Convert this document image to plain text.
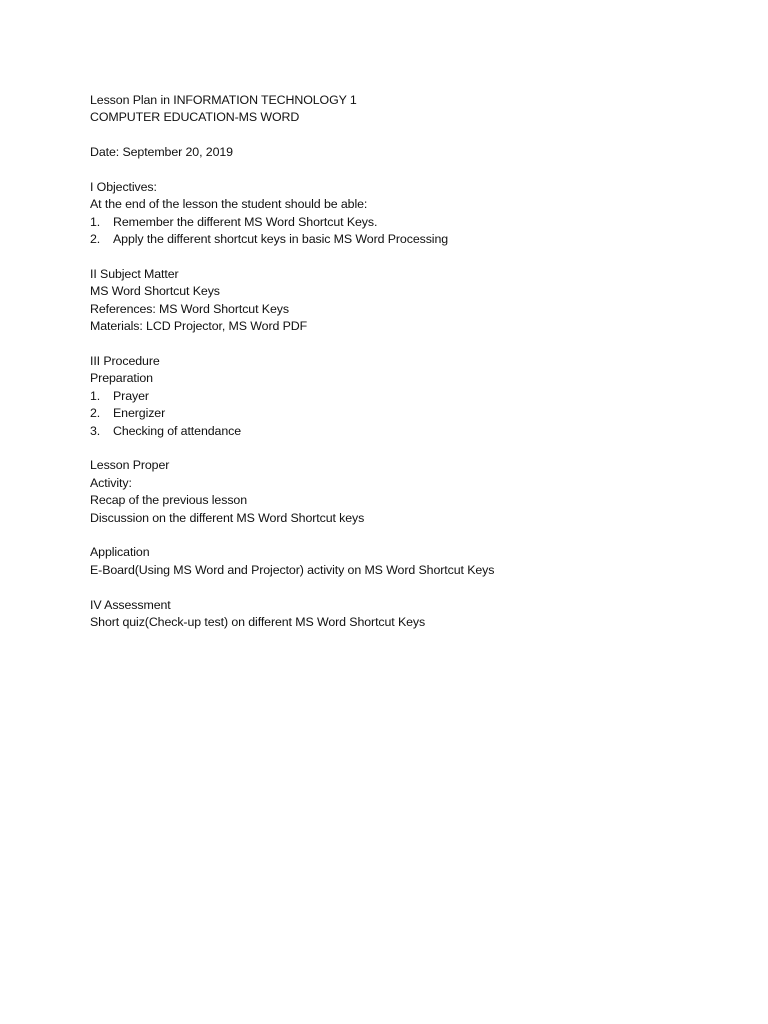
Lesson Plan in INFORMATION TECHNOLOGY 1
COMPUTER EDUCATION-MS WORD
Date: September 20, 2019
I Objectives:
At the end of the lesson the student should be able:
1.	Remember the different MS Word Shortcut Keys.
2.	Apply the different shortcut keys in basic MS Word Processing
II Subject Matter
MS Word Shortcut Keys
References: MS Word Shortcut Keys
Materials: LCD Projector, MS Word PDF
III Procedure
Preparation
1.	Prayer
2.	Energizer
3.	Checking of attendance
Lesson Proper
Activity:
Recap of the previous lesson
Discussion on the different MS Word Shortcut keys
Application
E-Board(Using MS Word and Projector) activity on MS Word Shortcut Keys
IV Assessment
Short quiz(Check-up test) on different MS Word Shortcut Keys
